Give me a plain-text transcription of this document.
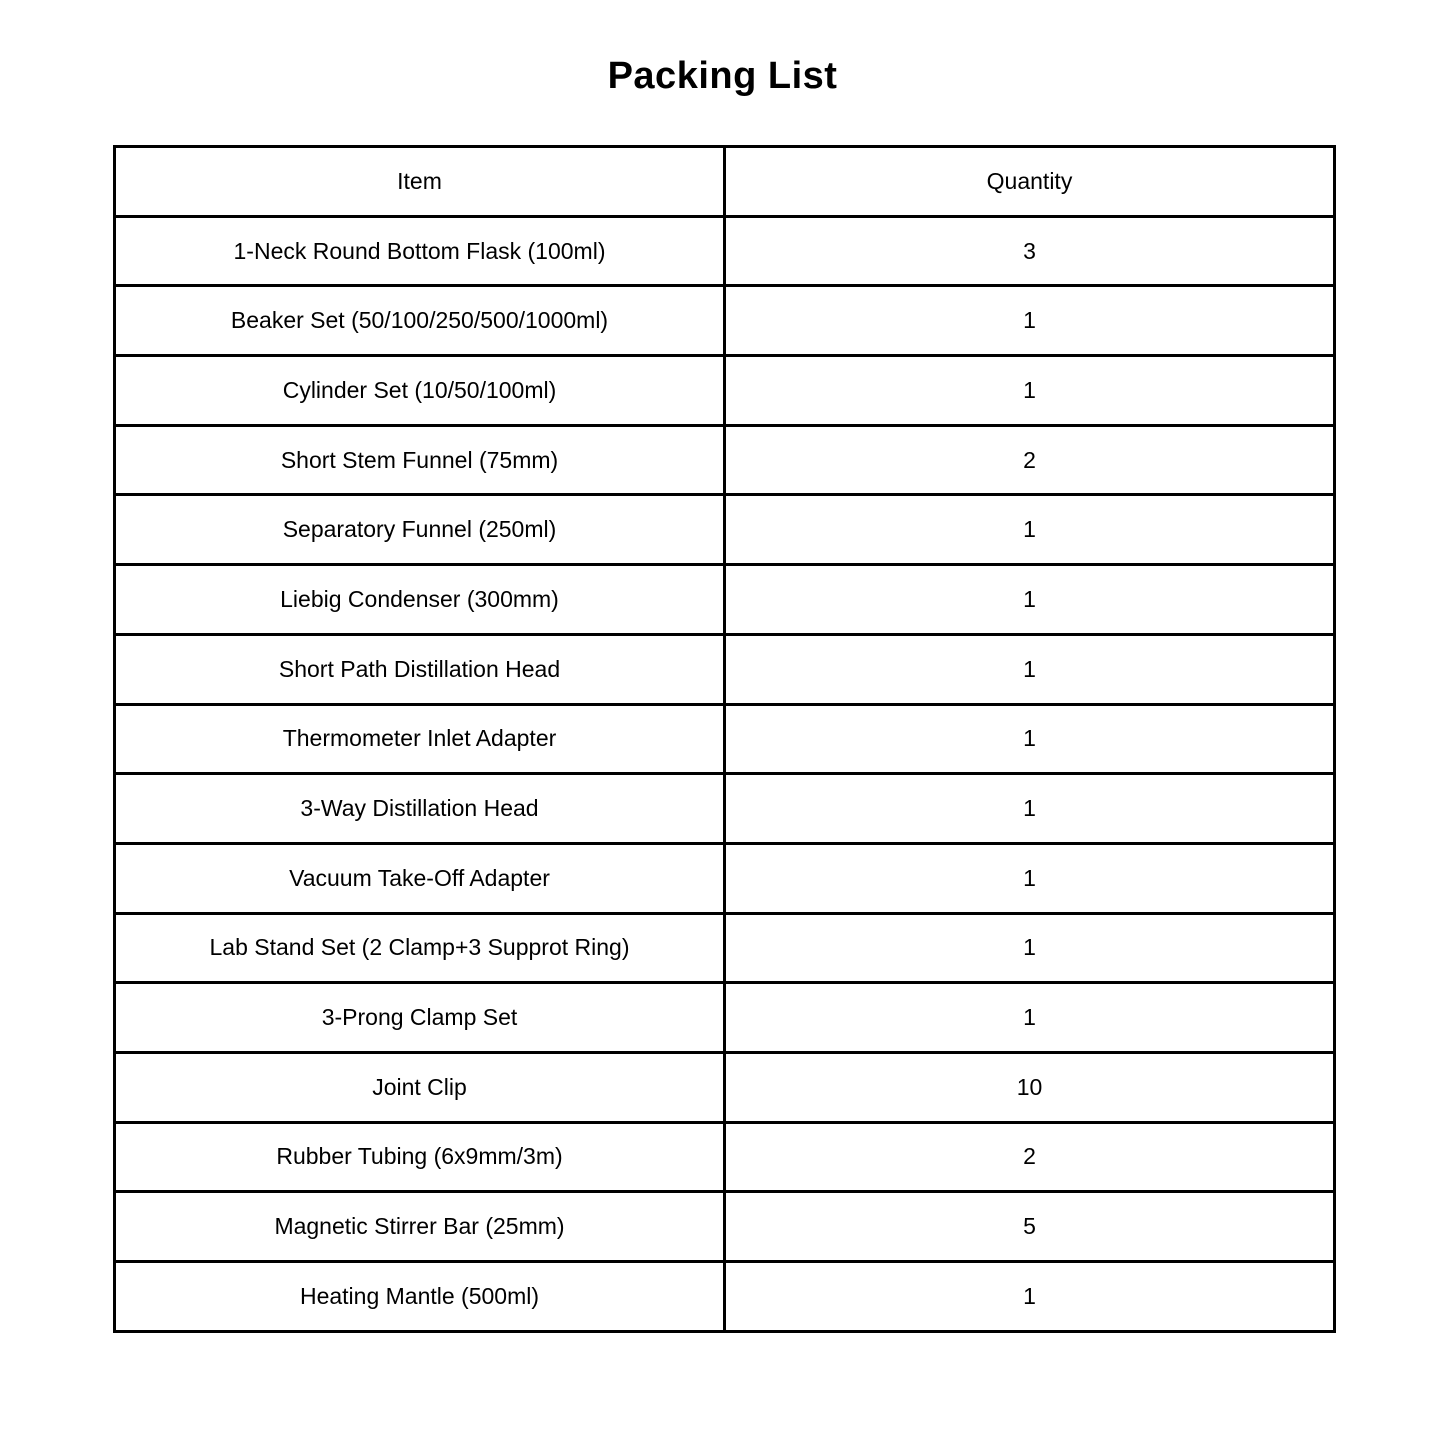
Packing List
Item	Quantity
1-Neck Round Bottom Flask (100ml)	3
Beaker Set (50/100/250/500/1000ml)	1
Cylinder Set (10/50/100ml)	1
Short Stem Funnel (75mm)	2
Separatory Funnel (250ml)	1
Liebig Condenser (300mm)	1
Short Path Distillation Head	1
Thermometer Inlet Adapter	1
3-Way Distillation Head	1
Vacuum Take-Off Adapter	1
Lab Stand Set (2 Clamp+3 Supprot Ring)	1
3-Prong Clamp Set	1
Joint Clip	10
Rubber Tubing (6x9mm/3m)	2
Magnetic Stirrer Bar (25mm)	5
Heating Mantle (500ml)	1
